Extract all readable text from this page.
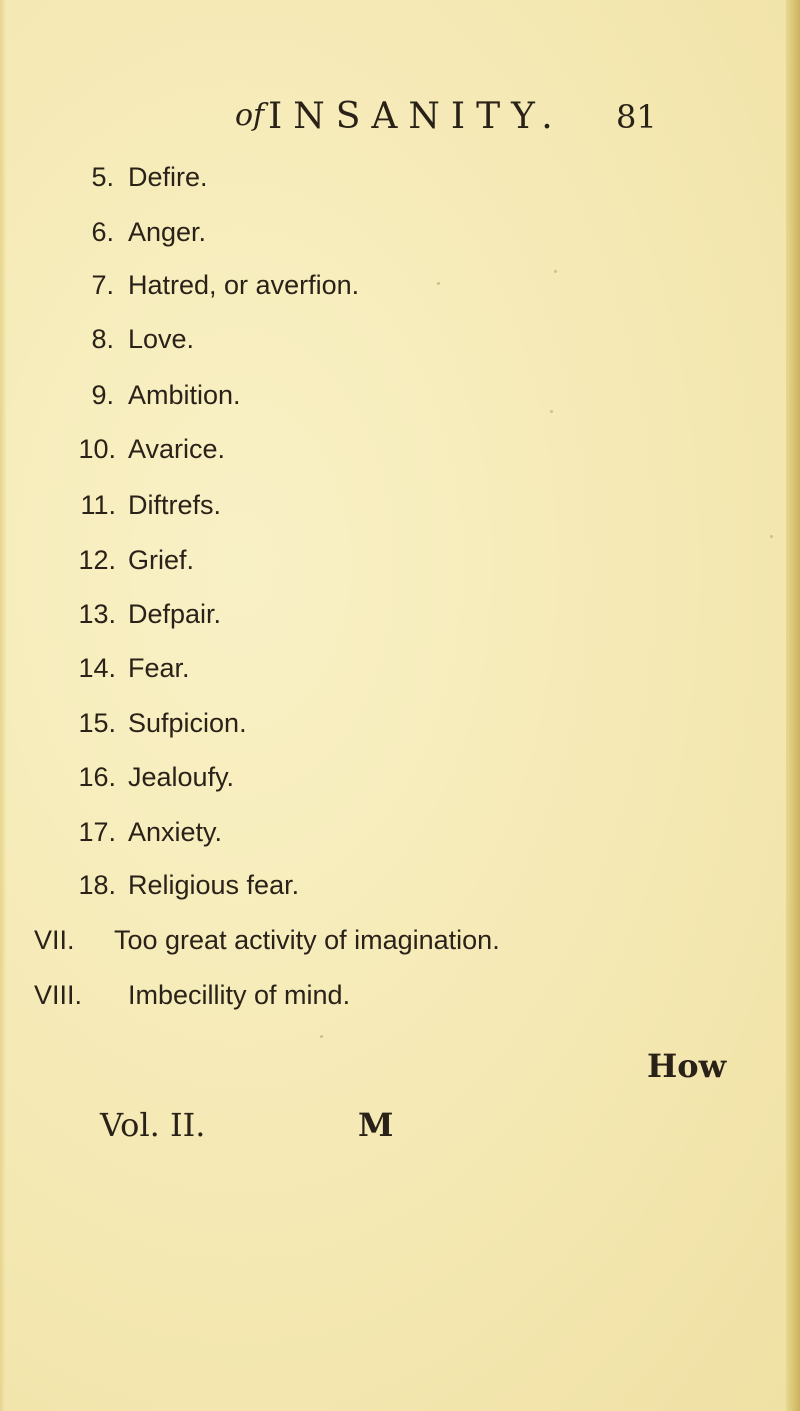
of INSANITY. 81
5. Defire.
6. Anger.
7. Hatred, or averfion.
8. Love.
9. Ambition.
10. Avarice.
11. Diftrefs.
12. Grief.
13. Defpair.
14. Fear.
15. Sufpicion.
16. Jealoufy.
17. Anxiety.
18. Religious fear.
VII. Too great activity of imagination.
VIII. Imbecillity of mind.
How
Vol. II.	M
